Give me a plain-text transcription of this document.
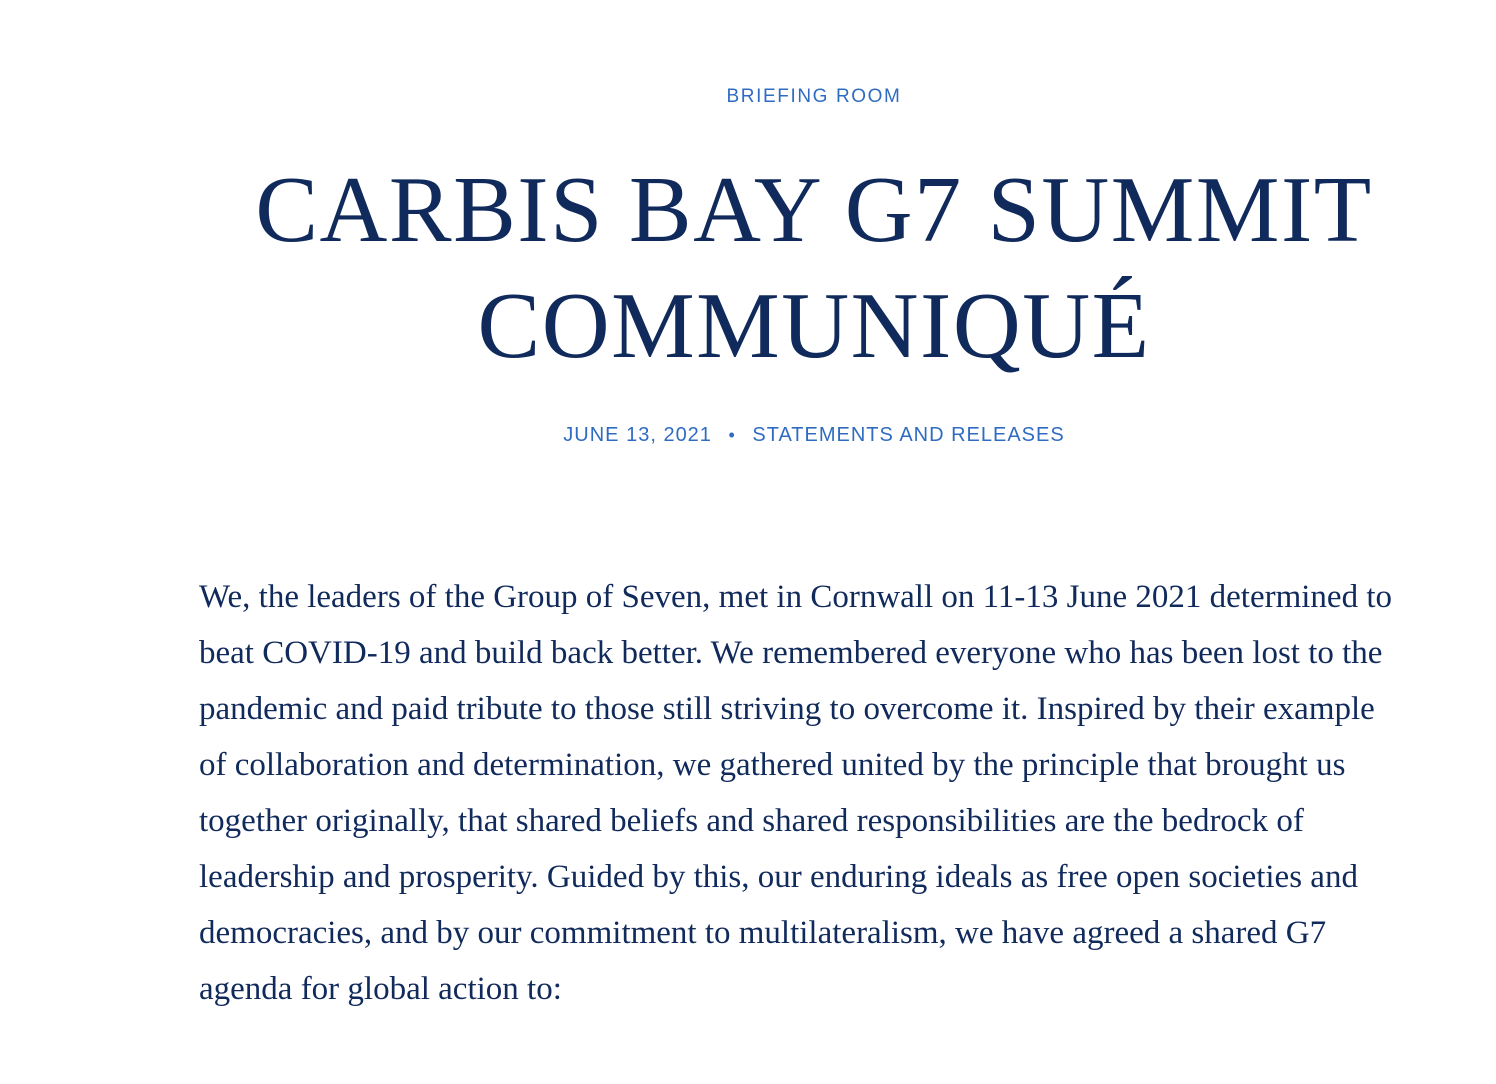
BRIEFING ROOM
CARBIS BAY G7 SUMMIT
COMMUNIQUÉ
JUNE 13, 2021 • STATEMENTS AND RELEASES

We, the leaders of the Group of Seven, met in Cornwall on 11-13 June 2021 determined to beat COVID-19 and build back better. We remembered everyone who has been lost to the pandemic and paid tribute to those still striving to overcome it. Inspired by their example of collaboration and determination, we gathered united by the principle that brought us together originally, that shared beliefs and shared responsibilities are the bedrock of leadership and prosperity. Guided by this, our enduring ideals as free open societies and democracies, and by our commitment to multilateralism, we have agreed a shared G7 agenda for global action to:
